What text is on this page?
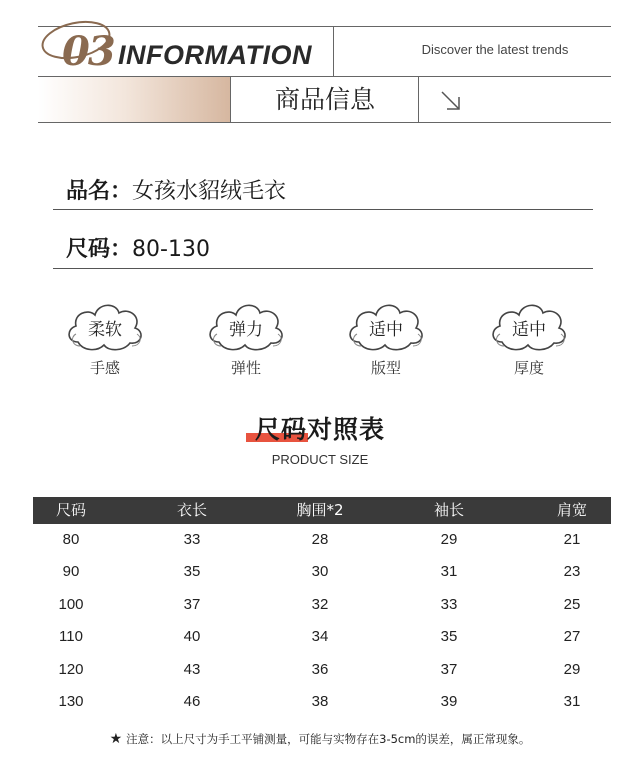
03 INFORMATION	Discover the latest trends
商品信息
品名：女孩水貂绒毛衣
尺码：80-130
柔软
手感
弹力
弹性
适中
版型
适中
厚度
尺码对照表
PRODUCT SIZE
尺码	衣长	胸围*2	袖长	肩宽
80	33	28	29	21
90	35	30	31	23
100	37	32	33	25
110	40	34	35	27
120	43	36	37	29
130	46	38	39	31
★ 注意：以上尺寸为手工平铺测量，可能与实物存在3-5cm的误差，属正常现象。
